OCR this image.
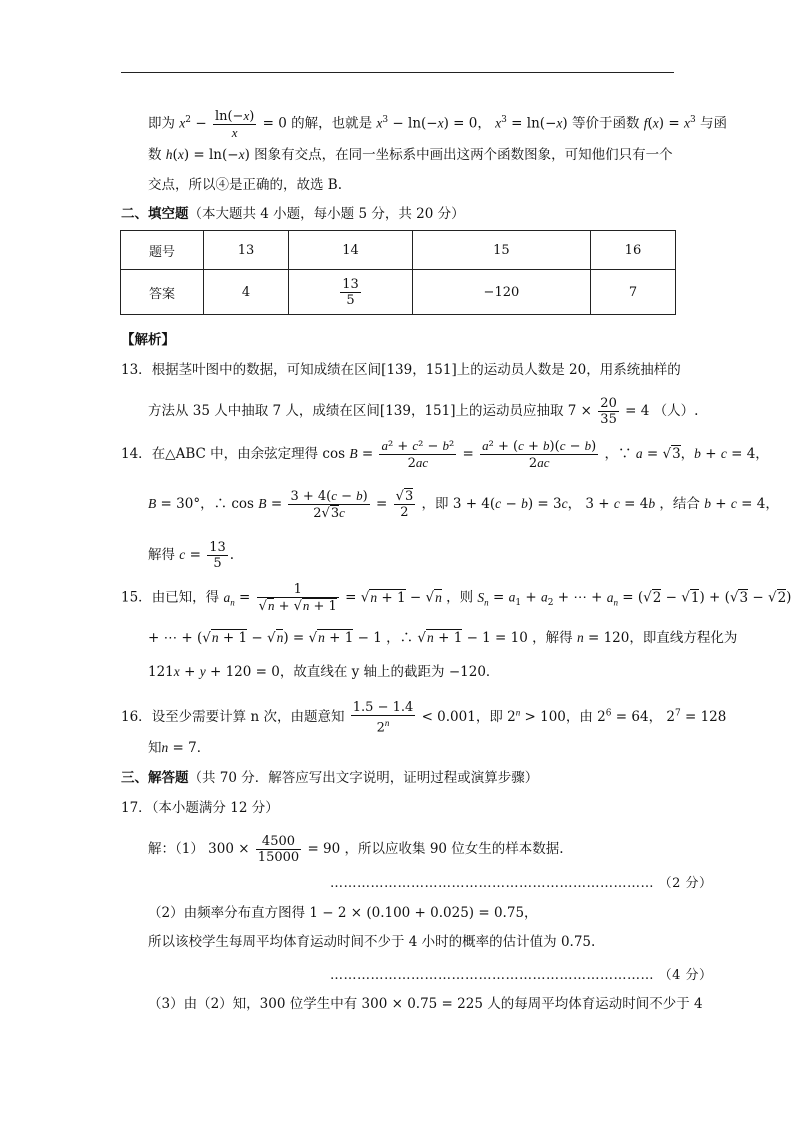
即为 $x^2 - \frac{\ln(-x)}{x} = 0$ 的解，也就是 $x^3 - \ln(-x) = 0$， $x^3 = \ln(-x)$ 等价于函数 $f(x) = x^3$ 与函
数 h(x) = ln(−x) 图象有交点，在同一坐标系中画出这两个函数图象，可知他们只有一个
交点，所以④是正确的，故选 B.
二、填空题（本大题共 4 小题，每小题 5 分，共 20 分）
题号	13	14	15	16
答案	4	$\frac{13}{5}$	−120	7
【解析】
13．根据茎叶图中的数据，可知成绩在区间[139，151]上的运动员人数是 20，用系统抽样的
方法从 35 人中抽取 7 人，成绩在区间[139，151]上的运动员应抽取 $7 \times \frac{20}{35} = 4$ （人）.
14．在△ABC 中，由余弦定理得 $\cos B = \frac{\text{a² + c² − b²}}{2ac} = \frac{\text{a² + (c + b)(c − b)}}{2ac}$ ，∵ a = √3，b + c = 4，
B = 30°，∴ $\cos B = \frac{3 + 4(c - b)}{2√3c} = \frac{√3}{2}$ ，即 3 + 4(c − b) = 3c， 3 + c = 4b ，结合 b + c = 4，
解得 $c = \frac{13}{5}$ .
15．由已知，得 $a_n = \frac{1}{√n + √n + 1} = √n + 1 - √n$ ，则 $S_n = a_1 + a_2$ + ⋯ + $a_n = (√2 - √1) + (√3 - √2)$
+ ⋯ + (√n + 1 − √n) = √n + 1 − 1 ，∴ √n + 1 − 1 = 10 ，解得 n = 120，即直线方程化为
121x + y + 120 = 0，故直线在 y 轴上的截距为 −120．
16．设至少需要计算 n 次，由题意知 $\frac{1.5 - 1.4}{2^n} < 0.001$，即 $2^n > 100$，由 $2^6 = 64$， $2^7 = 128$
知n = 7．
三、解答题（共 70 分．解答应写出文字说明，证明过程或演算步骤）
17．（本小题满分 12 分）
解：（1） $300 \times \frac{4500}{15000} = 90$ ，所以应收集 90 位女生的样本数据.
……………………………………………………………… （2 分）
（2）由频率分布直方图得 1 − 2 × (0.100 + 0.025) = 0.75，
所以该校学生每周平均体育运动时间不少于 4 小时的概率的估计值为 0.75.
……………………………………………………………… （4 分）
（3）由（2）知，300 位学生中有 300 × 0.75 = 225 人的每周平均体育运动时间不少于 4
